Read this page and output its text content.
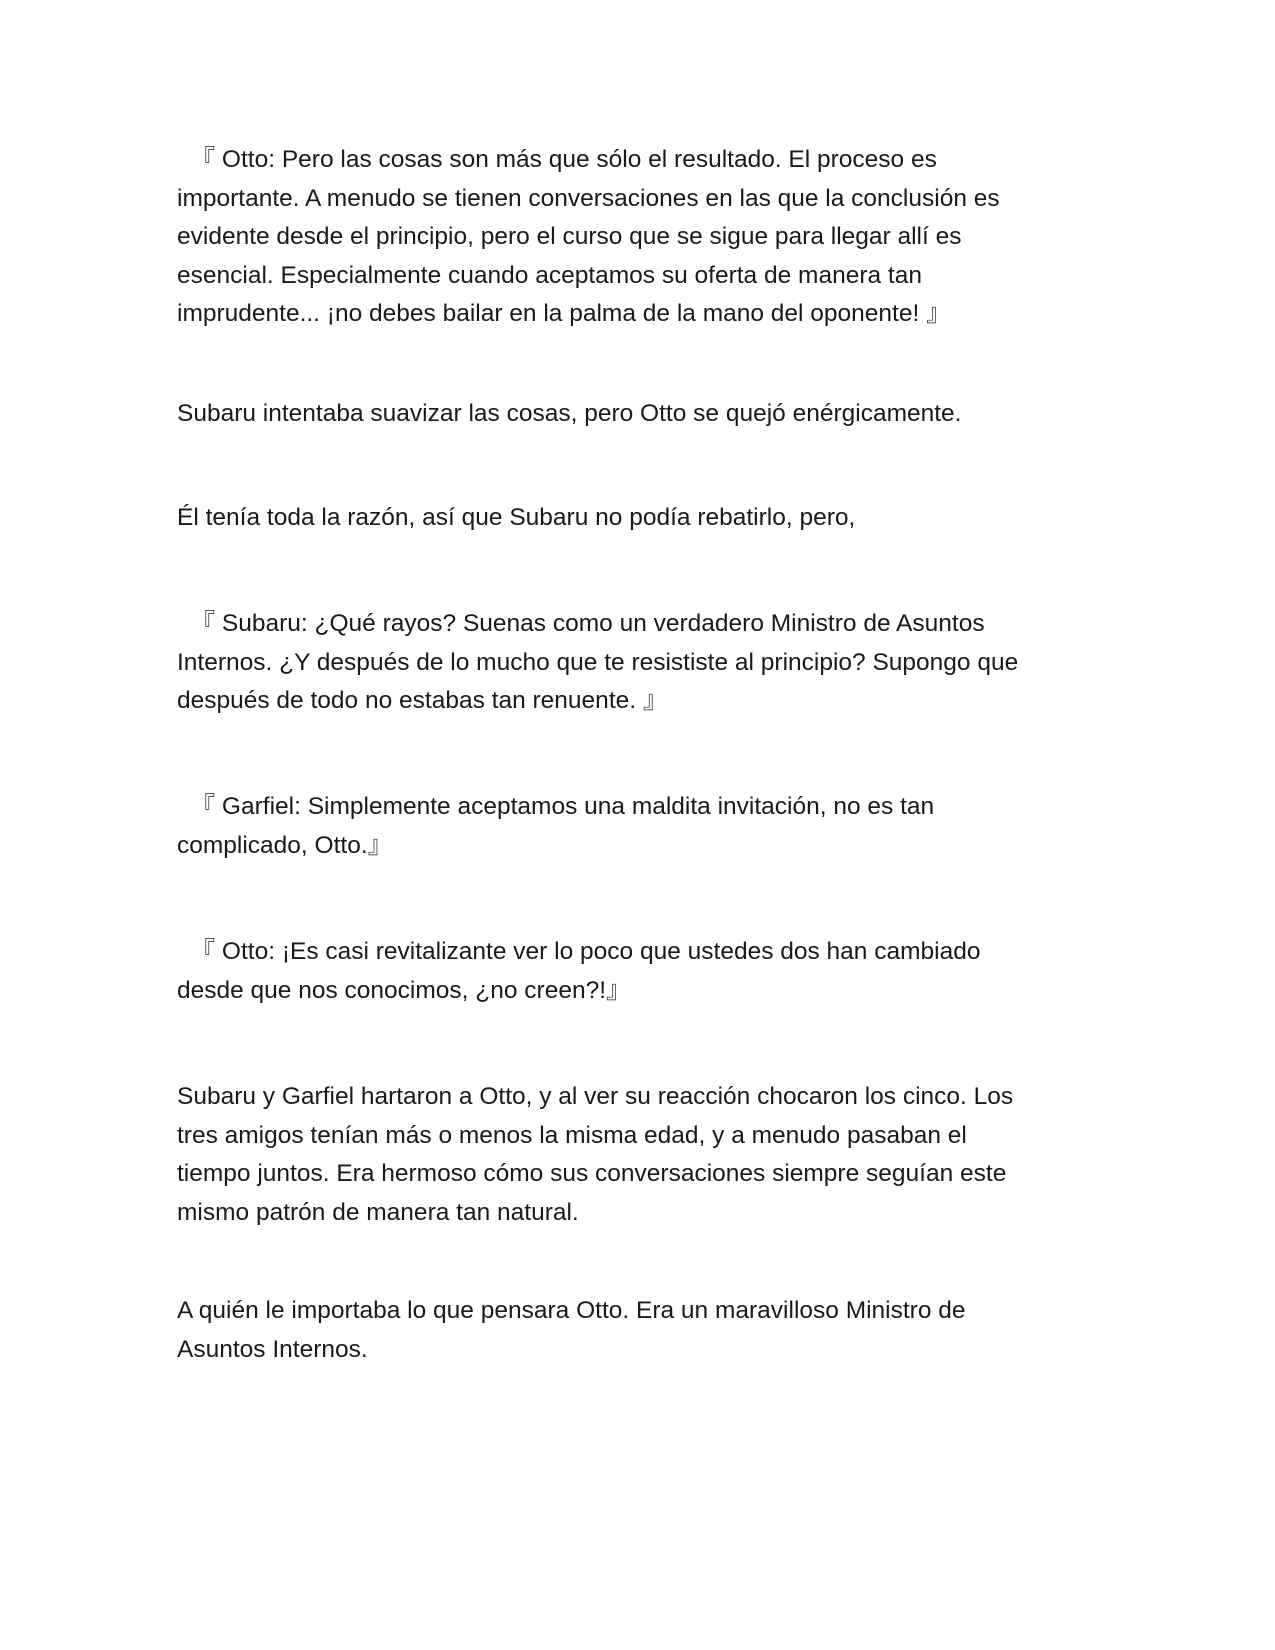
『 Otto: Pero las cosas son más que sólo el resultado. El proceso es
importante. A menudo se tienen conversaciones en las que la conclusión es
evidente desde el principio, pero el curso que se sigue para llegar allí es
esencial. Especialmente cuando aceptamos su oferta de manera tan
imprudente... ¡no debes bailar en la palma de la mano del oponente! 』

Subaru intentaba suavizar las cosas, pero Otto se quejó enérgicamente.

Él tenía toda la razón, así que Subaru no podía rebatirlo, pero,

『 Subaru: ¿Qué rayos? Suenas como un verdadero Ministro de Asuntos
Internos. ¿Y después de lo mucho que te resististe al principio? Supongo que
después de todo no estabas tan renuente. 』

『 Garfiel: Simplemente aceptamos una maldita invitación, no es tan
complicado, Otto.』

『 Otto: ¡Es casi revitalizante ver lo poco que ustedes dos han cambiado
desde que nos conocimos, ¿no creen?!』

Subaru y Garfiel hartaron a Otto, y al ver su reacción chocaron los cinco. Los
tres amigos tenían más o menos la misma edad, y a menudo pasaban el
tiempo juntos. Era hermoso cómo sus conversaciones siempre seguían este
mismo patrón de manera tan natural.

A quién le importaba lo que pensara Otto. Era un maravilloso Ministro de
Asuntos Internos.
